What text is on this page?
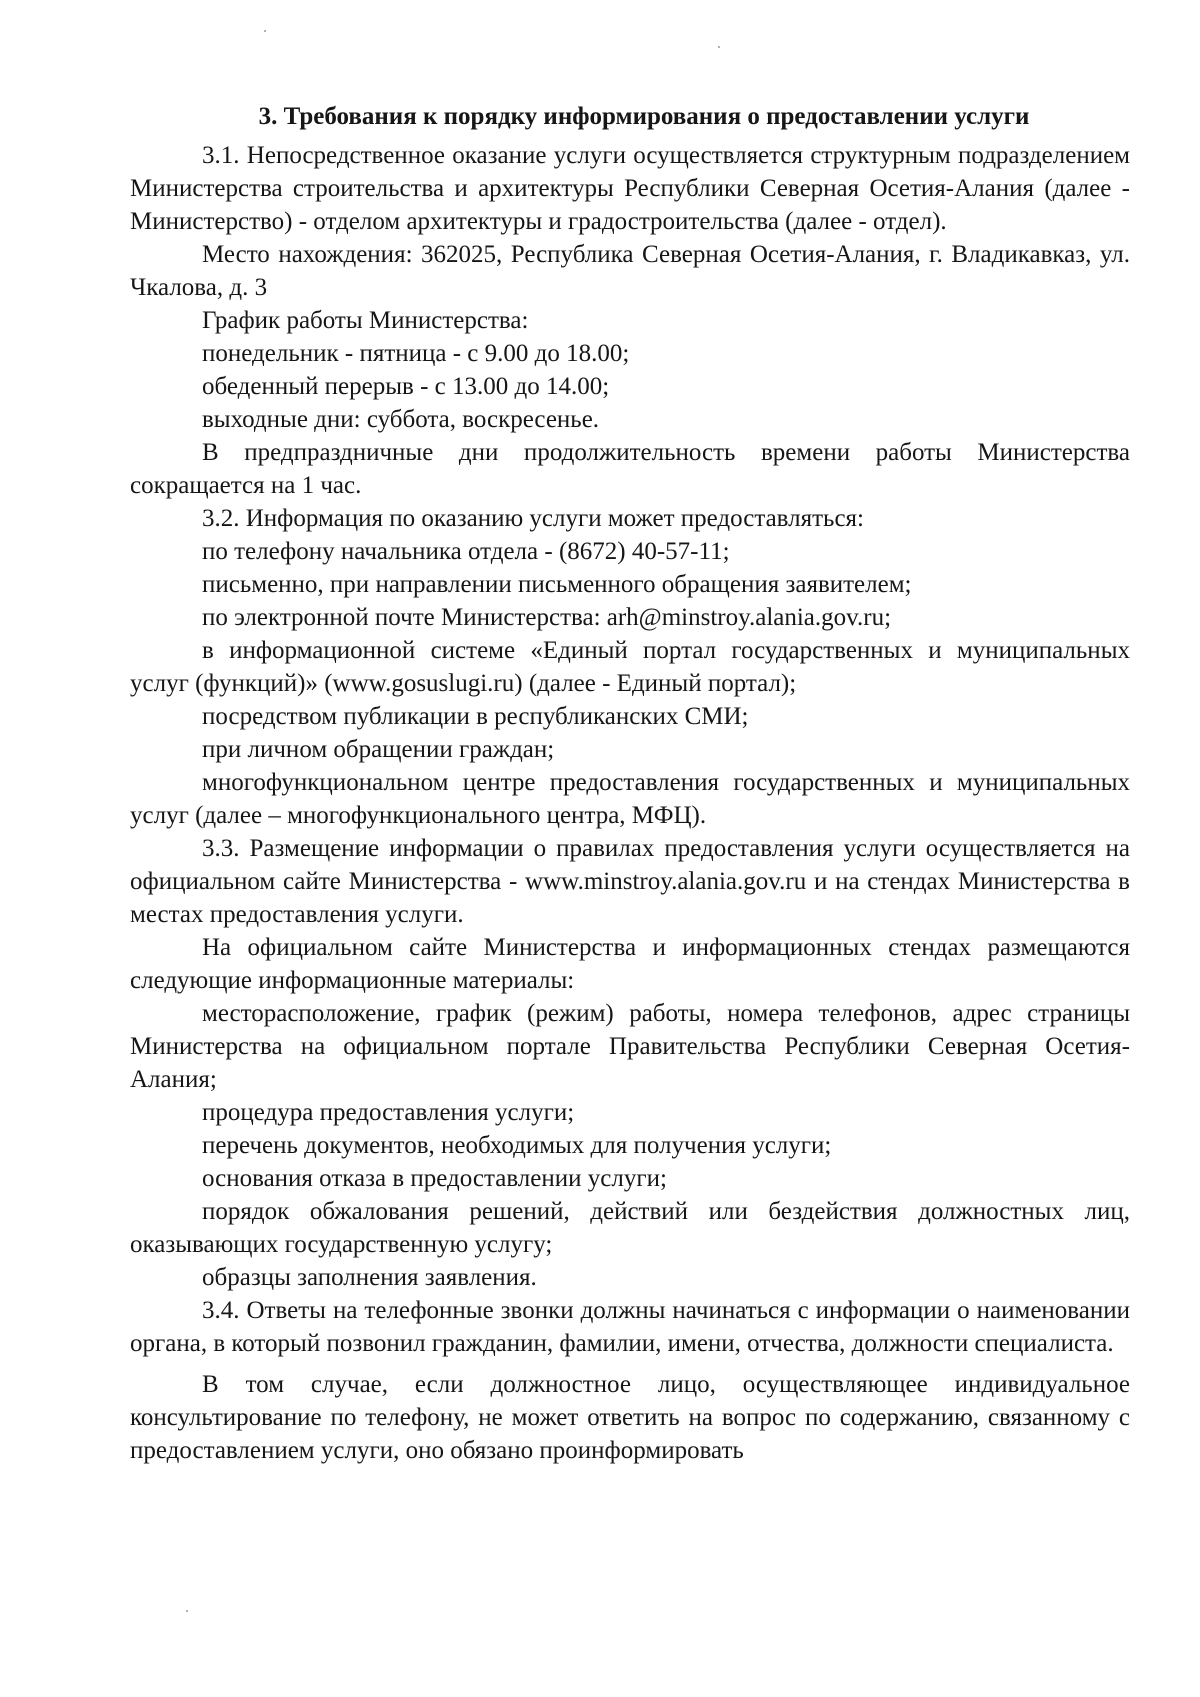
3. Требования к порядку информирования о предоставлении услуги

3.1. Непосредственное оказание услуги осуществляется структурным подразделением Министерства строительства и архитектуры Республики Северная Осетия-Алания (далее - Министерство) - отделом архитектуры и градостроительства (далее - отдел).

Место нахождения: 362025, Республика Северная Осетия-Алания, г. Владикавказ, ул. Чкалова, д. 3

График работы Министерства:

понедельник - пятница - с 9.00 до 18.00;

обеденный перерыв - с 13.00 до 14.00;

выходные дни: суббота, воскресенье.

В предпраздничные дни продолжительность времени работы Министерства сокращается на 1 час.

3.2. Информация по оказанию услуги может предоставляться:

по телефону начальника отдела - (8672) 40-57-11;

письменно, при направлении письменного обращения заявителем;

по электронной почте Министерства: arh@minstroy.alania.gov.ru;

в информационной системе «Единый портал государственных и муниципальных услуг (функций)» (www.gosuslugi.ru) (далее - Единый портал);

посредством публикации в республиканских СМИ;

при личном обращении граждан;

многофункциональном центре предоставления государственных и муниципальных услуг (далее – многофункционального центра, МФЦ).

3.3. Размещение информации о правилах предоставления услуги осуществляется на официальном сайте Министерства - www.minstroy.alania.gov.ru и на стендах Министерства в местах предоставления услуги.

На официальном сайте Министерства и информационных стендах размещаются следующие информационные материалы:

месторасположение, график (режим) работы, номера телефонов, адрес страницы Министерства на официальном портале Правительства Республики Северная Осетия-Алания;

процедура предоставления услуги;

перечень документов, необходимых для получения услуги;

основания отказа в предоставлении услуги;

порядок обжалования решений, действий или бездействия должностных лиц, оказывающих государственную услугу;

образцы заполнения заявления.

3.4. Ответы на телефонные звонки должны начинаться с информации о наименовании органа, в который позвонил гражданин, фамилии, имени, отчества, должности специалиста.

В том случае, если должностное лицо, осуществляющее индивидуальное консультирование по телефону, не может ответить на вопрос по содержанию, связанному с предоставлением услуги, оно обязано проинформировать
